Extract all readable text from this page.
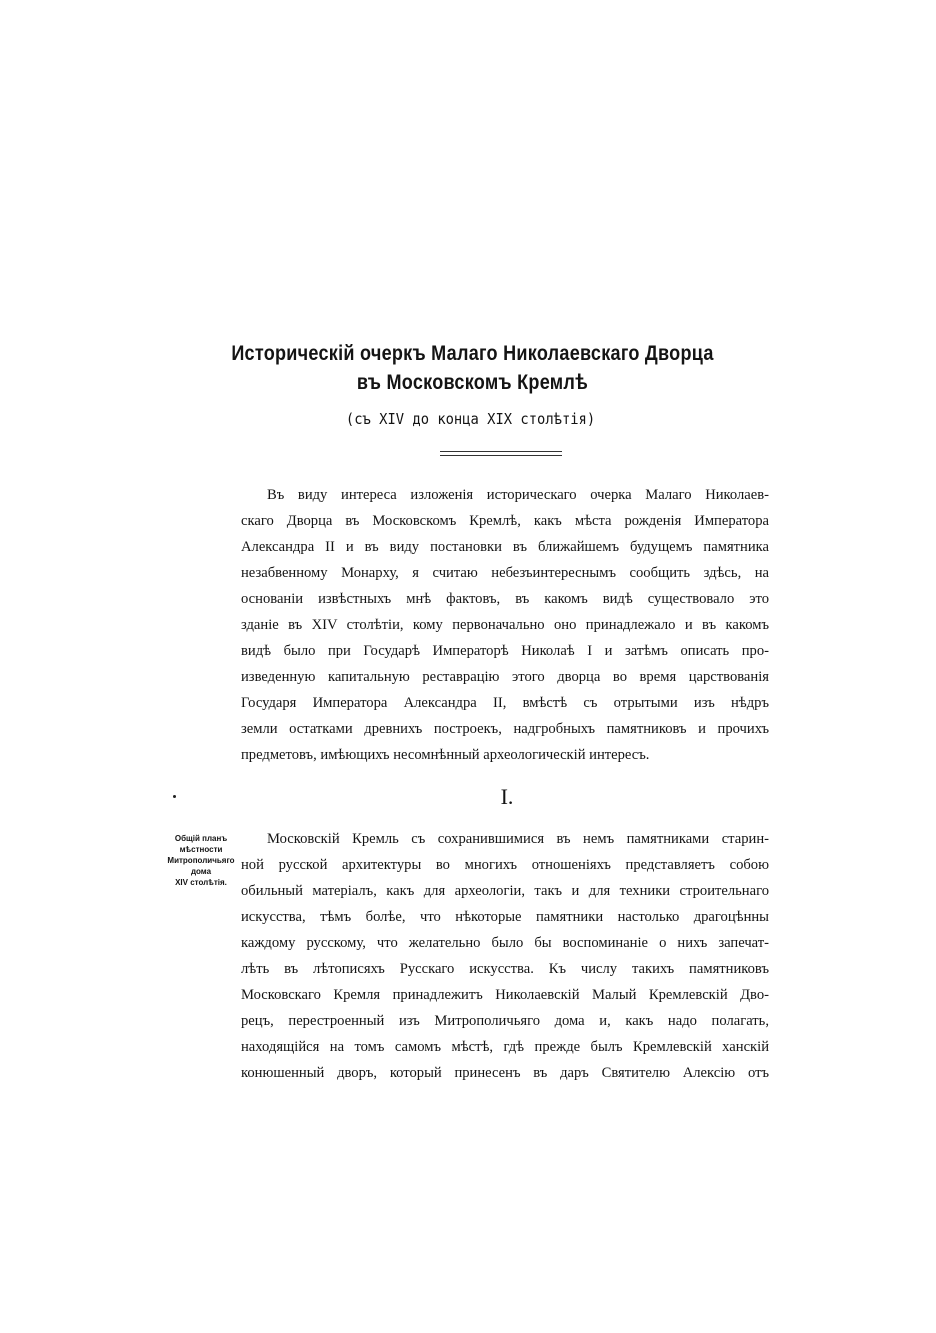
Историческій очеркъ Малаго Николаевскаго Дворца
въ Московскомъ Кремлѣ
(съ XIV до конца XIX столѣтія)
Въ виду интереса изложенія историческаго очерка Малаго Николаев-
скаго Дворца въ Московскомъ Кремлѣ, какъ мѣста рожденія Императора
Александра II и въ виду постановки въ ближайшемъ будущемъ памятника
незабвенному Монарху, я считаю небезъинтереснымъ сообщить здѣсь, на
основаніи извѣстныхъ мнѣ фактовъ, въ какомъ видѣ существовало это
зданіе въ XIV столѣтіи, кому первоначально оно принадлежало и въ какомъ
видѣ было при Государѣ Императорѣ Николаѣ I и затѣмъ описать про-
изведенную капитальную реставрацію этого дворца во время царствованія
Государя Императора Александра II, вмѣстѣ съ отрытыми изъ нѣдръ
земли остатками древнихъ построекъ, надгробныхъ памятниковъ и прочихъ
предметовъ, имѣющихъ несомнѣнный археологическій интересъ.
I.
Общій планъ
мѣстности
Митрополичьяго
дома
XIV столѣтія.
Московскій Кремль съ сохранившимися въ немъ памятниками старин-
ной русской архитектуры во многихъ отношеніяхъ представляетъ собою
обильный матеріалъ, какъ для археологіи, такъ и для техники строительнаго
искусства, тѣмъ болѣе, что нѣкоторые памятники настолько драгоцѣнны
каждому русскому, что желательно было бы воспоминаніе о нихъ запечат-
лѣть въ лѣтописяхъ Русскаго искусства. Къ числу такихъ памятниковъ
Московскаго Кремля принадлежитъ Николаевскій Малый Кремлевскій Дво-
рецъ, перестроенный изъ Митрополичьяго дома и, какъ надо полагать,
находящійся на томъ самомъ мѣстѣ, гдѣ прежде былъ Кремлевскій ханскій
конюшенный дворъ, который принесенъ въ даръ Святителю Алексію отъ
